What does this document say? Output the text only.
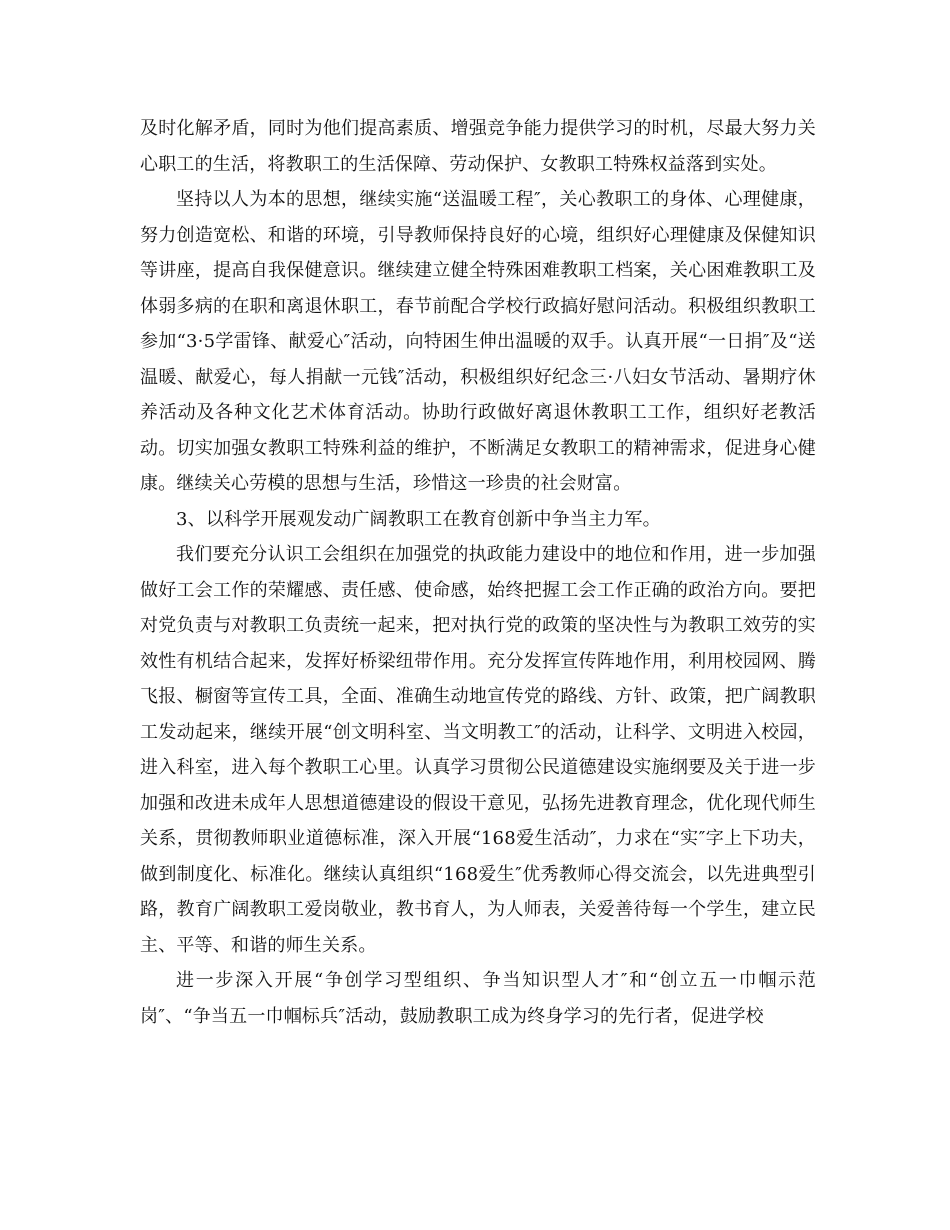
及时化解矛盾，同时为他们提高素质、增强竞争能力提供学习的时机，尽最大努力关心职工的生活，将教职工的生活保障、劳动保护、女教职工特殊权益落到实处。

坚持以人为本的思想，继续实施“送温暖工程″，关心教职工的身体、心理健康，努力创造宽松、和谐的环境，引导教师保持良好的心境，组织好心理健康及保健知识等讲座，提高自我保健意识。继续建立健全特殊困难教职工档案，关心困难教职工及体弱多病的在职和离退休职工，春节前配合学校行政搞好慰问活动。积极组织教职工参加“3·5学雷锋、献爱心″活动，向特困生伸出温暖的双手。认真开展“一日捐″及“送温暖、献爱心，每人捐献一元钱″活动，积极组织好纪念三·八妇女节活动、暑期疗休养活动及各种文化艺术体育活动。协助行政做好离退休教职工工作，组织好老教活动。切实加强女教职工特殊利益的维护，不断满足女教职工的精神需求，促进身心健康。继续关心劳模的思想与生活，珍惜这一珍贵的社会财富。

3、以科学开展观发动广阔教职工在教育创新中争当主力军。

我们要充分认识工会组织在加强党的执政能力建设中的地位和作用，进一步加强做好工会工作的荣耀感、责任感、使命感，始终把握工会工作正确的政治方向。要把对党负责与对教职工负责统一起来，把对执行党的政策的坚决性与为教职工效劳的实效性有机结合起来，发挥好桥梁纽带作用。充分发挥宣传阵地作用，利用校园网、腾飞报、橱窗等宣传工具，全面、准确生动地宣传党的路线、方针、政策，把广阔教职工发动起来，继续开展“创文明科室、当文明教工″的活动，让科学、文明进入校园，进入科室，进入每个教职工心里。认真学习贯彻公民道德建设实施纲要及关于进一步加强和改进未成年人思想道德建设的假设干意见，弘扬先进教育理念，优化现代师生关系，贯彻教师职业道德标准，深入开展“168爱生活动″，力求在“实″字上下功夫，做到制度化、标准化。继续认真组织“168爱生″优秀教师心得交流会，以先进典型引路，教育广阔教职工爱岗敬业，教书育人，为人师表，关爱善待每一个学生，建立民主、平等、和谐的师生关系。

进一步深入开展“争创学习型组织、争当知识型人才″和“创立五一巾帼示范岗″、“争当五一巾帼标兵″活动，鼓励教职工成为终身学习的先行者，促进学校
